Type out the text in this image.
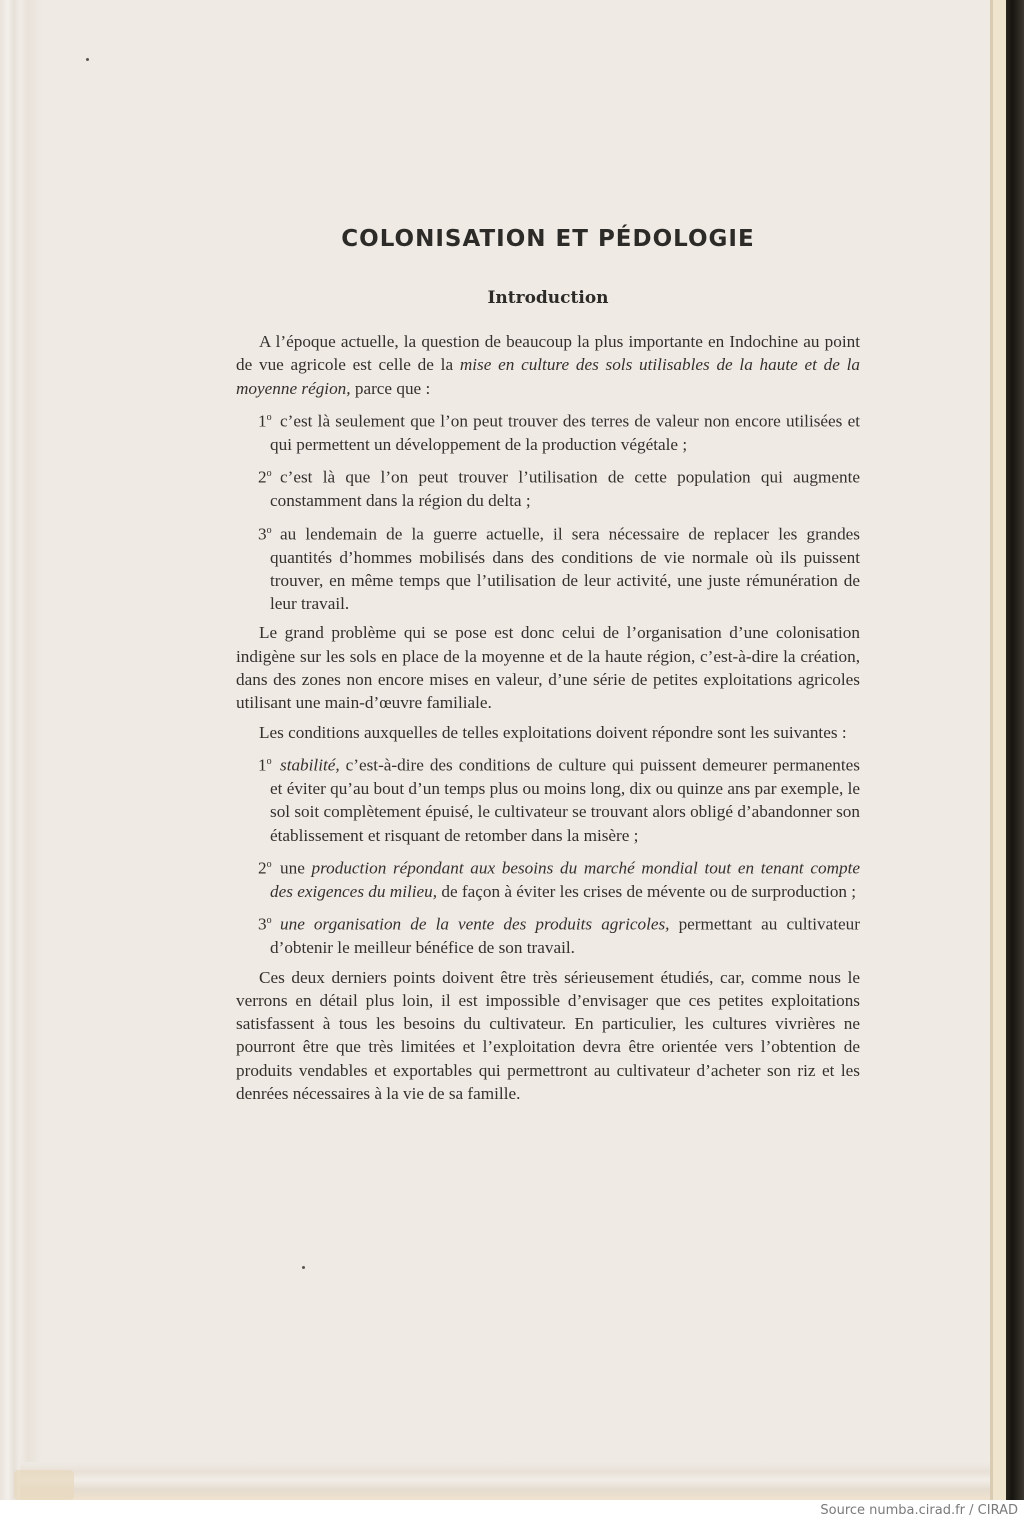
COLONISATION ET PÉDOLOGIE
Introduction

A l’époque actuelle, la question de beaucoup la plus importante en Indochine au point de vue agricole est celle de la mise en culture des sols utilisables de la haute et de la moyenne région, parce que :

1$^o$ c’est là seulement que l’on peut trouver des terres de valeur non encore utilisées et qui permettent un développement de la production végétale ;

2$^o$ c’est là que l’on peut trouver l’utilisation de cette population qui augmente constamment dans la région du delta ;

3$^o$ au lendemain de la guerre actuelle, il sera nécessaire de replacer les grandes quantités d’hommes mobilisés dans des conditions de vie normale où ils puissent trouver, en même temps que l’utilisation de leur activité, une juste rémunération de leur travail.

Le grand problème qui se pose est donc celui de l’organisation d’une colonisation indigène sur les sols en place de la moyenne et de la haute région, c’est-à-dire la création, dans des zones non encore mises en valeur, d’une série de petites exploitations agricoles utilisant une main-d’œuvre familiale.

Les conditions auxquelles de telles exploitations doivent répondre sont les suivantes :

1$^o$ stabilité, c’est-à-dire des conditions de culture qui puissent demeurer permanentes et éviter qu’au bout d’un temps plus ou moins long, dix ou quinze ans par exemple, le sol soit complètement épuisé, le cultivateur se trouvant alors obligé d’abandonner son établissement et risquant de retomber dans la misère ;

2$^o$ une production répondant aux besoins du marché mondial tout en tenant compte des exigences du milieu, de façon à éviter les crises de mévente ou de surproduction ;

3$^o$ une organisation de la vente des produits agricoles, permettant au cultivateur d’obtenir le meilleur bénéfice de son travail.

Ces deux derniers points doivent être très sérieusement étudiés, car, comme nous le verrons en détail plus loin, il est impossible d’envisager que ces petites exploitations satisfassent à tous les besoins du cultivateur. En particulier, les cultures vivrières ne pourront être que très limitées et l’exploitation devra être orientée vers l’obtention de produits vendables et exportables qui permettront au cultivateur d’acheter son riz et les denrées nécessaires à la vie de sa famille.

Source numba.cirad.fr / CIRAD
